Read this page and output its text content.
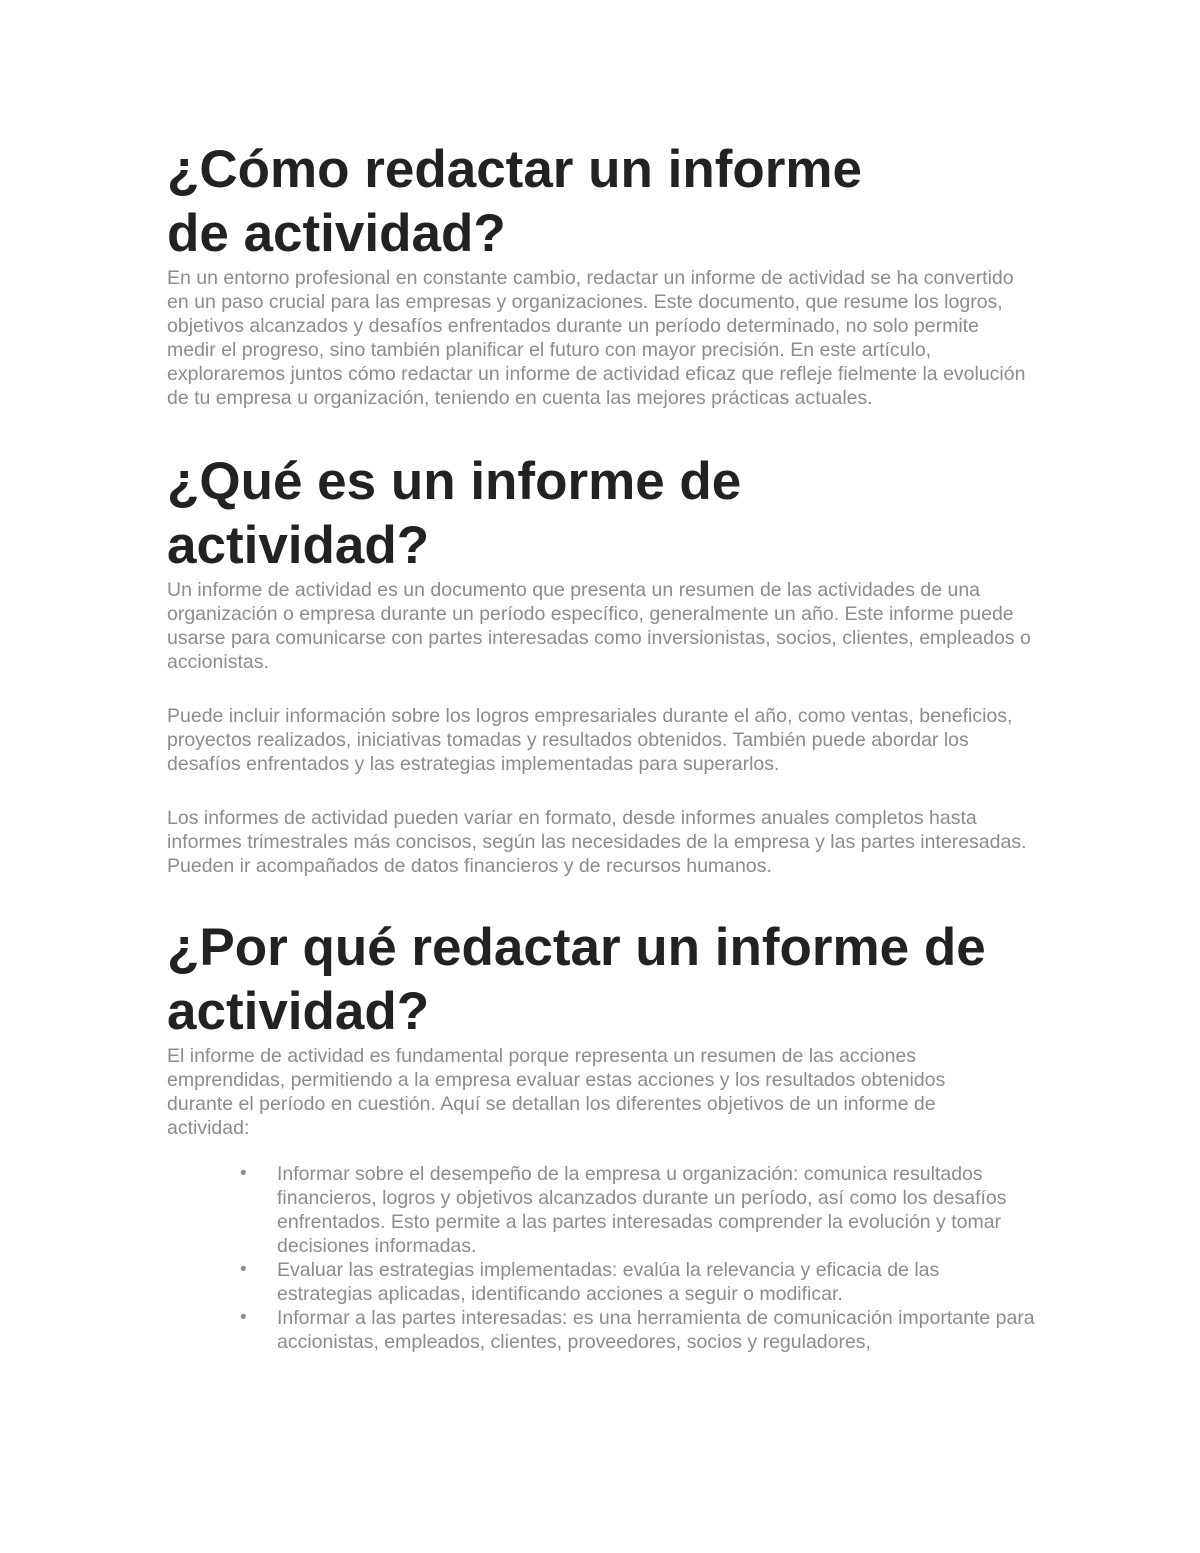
¿Cómo redactar un informe de actividad?

En un entorno profesional en constante cambio, redactar un informe de actividad se ha convertido en un paso crucial para las empresas y organizaciones. Este documento, que resume los logros, objetivos alcanzados y desafíos enfrentados durante un período determinado, no solo permite medir el progreso, sino también planificar el futuro con mayor precisión. En este artículo, exploraremos juntos cómo redactar un informe de actividad eficaz que refleje fielmente la evolución de tu empresa u organización, teniendo en cuenta las mejores prácticas actuales.

¿Qué es un informe de actividad?

Un informe de actividad es un documento que presenta un resumen de las actividades de una organización o empresa durante un período específico, generalmente un año. Este informe puede usarse para comunicarse con partes interesadas como inversionistas, socios, clientes, empleados o accionistas.

Puede incluir información sobre los logros empresariales durante el año, como ventas, beneficios, proyectos realizados, iniciativas tomadas y resultados obtenidos. También puede abordar los desafíos enfrentados y las estrategias implementadas para superarlos.

Los informes de actividad pueden variar en formato, desde informes anuales completos hasta informes trimestrales más concisos, según las necesidades de la empresa y las partes interesadas. Pueden ir acompañados de datos financieros y de recursos humanos.

¿Por qué redactar un informe de actividad?

El informe de actividad es fundamental porque representa un resumen de las acciones emprendidas, permitiendo a la empresa evaluar estas acciones y los resultados obtenidos durante el período en cuestión. Aquí se detallan los diferentes objetivos de un informe de actividad:

• Informar sobre el desempeño de la empresa u organización: comunica resultados financieros, logros y objetivos alcanzados durante un período, así como los desafíos enfrentados. Esto permite a las partes interesadas comprender la evolución y tomar decisiones informadas.
• Evaluar las estrategias implementadas: evalúa la relevancia y eficacia de las estrategias aplicadas, identificando acciones a seguir o modificar.
• Informar a las partes interesadas: es una herramienta de comunicación importante para accionistas, empleados, clientes, proveedores, socios y reguladores,
